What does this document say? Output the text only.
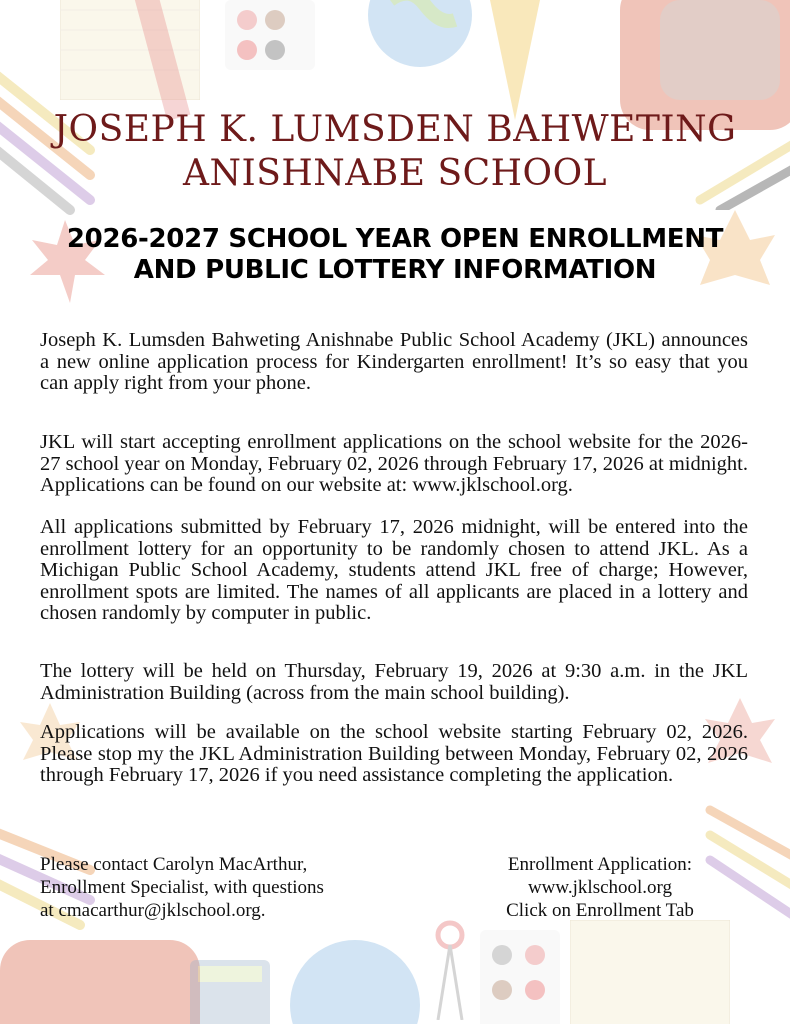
JOSEPH K. LUMSDEN BAHWETING
ANISHNABE SCHOOL
2026-2027 SCHOOL YEAR OPEN ENROLLMENT
AND PUBLIC LOTTERY INFORMATION

Joseph K. Lumsden Bahweting Anishnabe Public School Academy (JKL) announces a new online application process for Kindergarten enrollment! It’s so easy that you can apply right from your phone.

JKL will start accepting enrollment applications on the school website for the 2026-27 school year on Monday, February 02, 2026 through February 17, 2026 at midnight. Applications can be found on our website at: www.jklschool.org.

All applications submitted by February 17, 2026 midnight, will be entered into the enrollment lottery for an opportunity to be randomly chosen to attend JKL. As a Michigan Public School Academy, students attend JKL free of charge; However, enrollment spots are limited. The names of all applicants are placed in a lottery and chosen randomly by computer in public.

The lottery will be held on Thursday, February 19, 2026 at 9:30 a.m. in the JKL Administration Building (across from the main school building).

Applications will be available on the school website starting February 02, 2026. Please stop my the JKL Administration Building between Monday, February 02, 2026 through February 17, 2026 if you need assistance completing the application.

Please contact Carolyn MacArthur,
Enrollment Specialist, with questions
at cmacarthur@jklschool.org.
Enrollment Application:
www.jklschool.org
Click on Enrollment Tab
